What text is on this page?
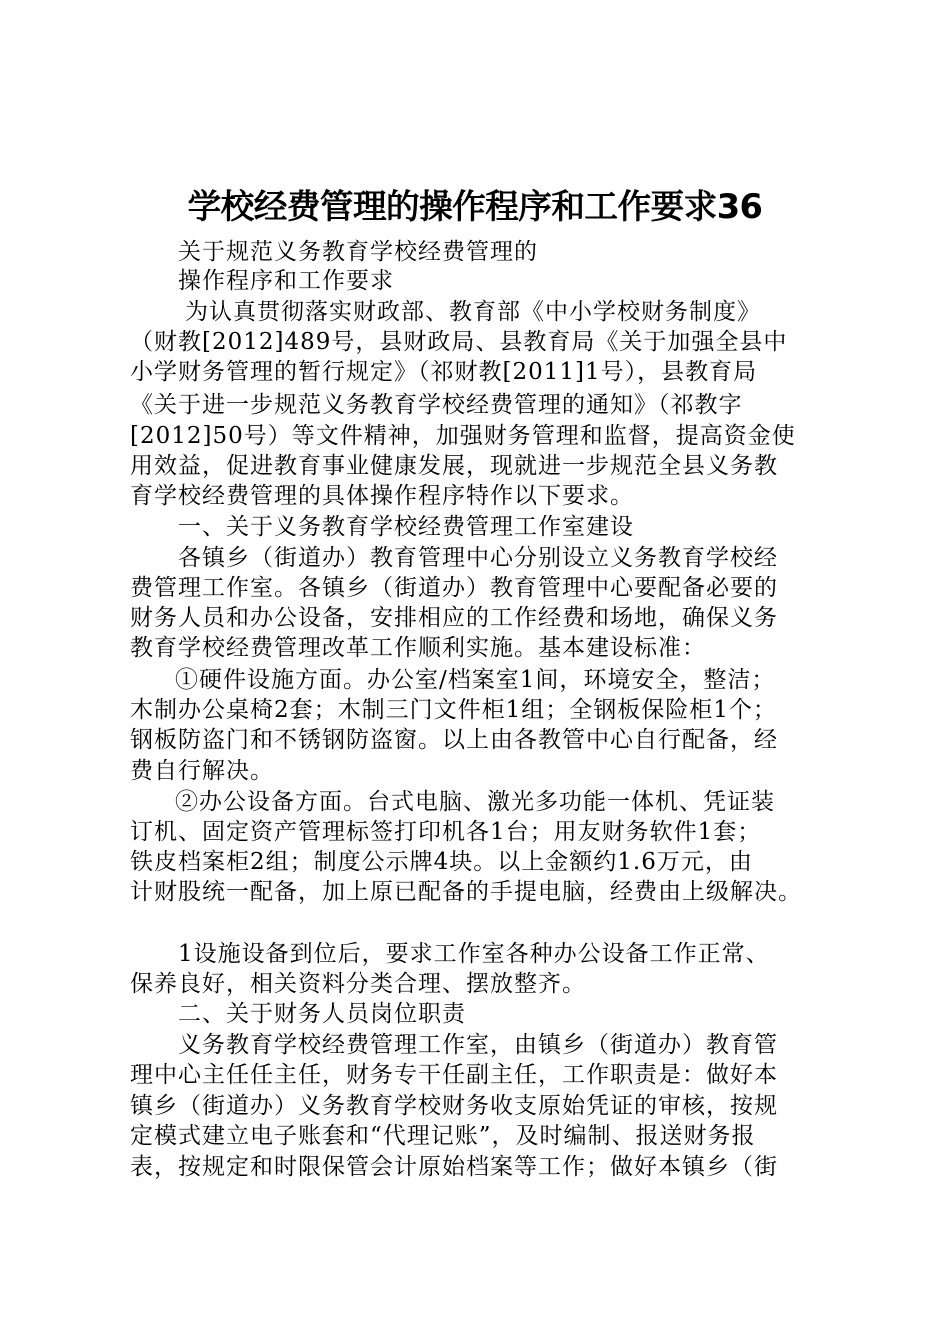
学校经费管理的操作程序和工作要求36
关于规范义务教育学校经费管理的
操作程序和工作要求
为认真贯彻落实财政部、教育部《中小学校财务制度》
（财教[2012]489号，县财政局、县教育局《关于加强全县中
小学财务管理的暂行规定》（祁财教[2011]1号），县教育局
《关于进一步规范义务教育学校经费管理的通知》（祁教字
[2012]50号）等文件精神，加强财务管理和监督，提高资金使
用效益，促进教育事业健康发展，现就进一步规范全县义务教
育学校经费管理的具体操作程序特作以下要求。
一、关于义务教育学校经费管理工作室建设
各镇乡（街道办）教育管理中心分别设立义务教育学校经
费管理工作室。各镇乡（街道办）教育管理中心要配备必要的
财务人员和办公设备，安排相应的工作经费和场地，确保义务
教育学校经费管理改革工作顺利实施。基本建设标准：
①硬件设施方面。办公室/档案室1间，环境安全，整洁；
木制办公桌椅2套；木制三门文件柜1组；全钢板保险柜1个；
钢板防盗门和不锈钢防盗窗。以上由各教管中心自行配备，经
费自行解决。
②办公设备方面。台式电脑、激光多功能一体机、凭证装
订机、固定资产管理标签打印机各1台；用友财务软件1套；
铁皮档案柜2组；制度公示牌4块。以上金额约1.6万元，由
计财股统一配备，加上原已配备的手提电脑，经费由上级解决。
1设施设备到位后，要求工作室各种办公设备工作正常、
保养良好，相关资料分类合理、摆放整齐。
二、关于财务人员岗位职责
义务教育学校经费管理工作室，由镇乡（街道办）教育管
理中心主任任主任，财务专干任副主任，工作职责是：做好本
镇乡（街道办）义务教育学校财务收支原始凭证的审核，按规
定模式建立电子账套和“代理记账”，及时编制、报送财务报
表，按规定和时限保管会计原始档案等工作；做好本镇乡（街
